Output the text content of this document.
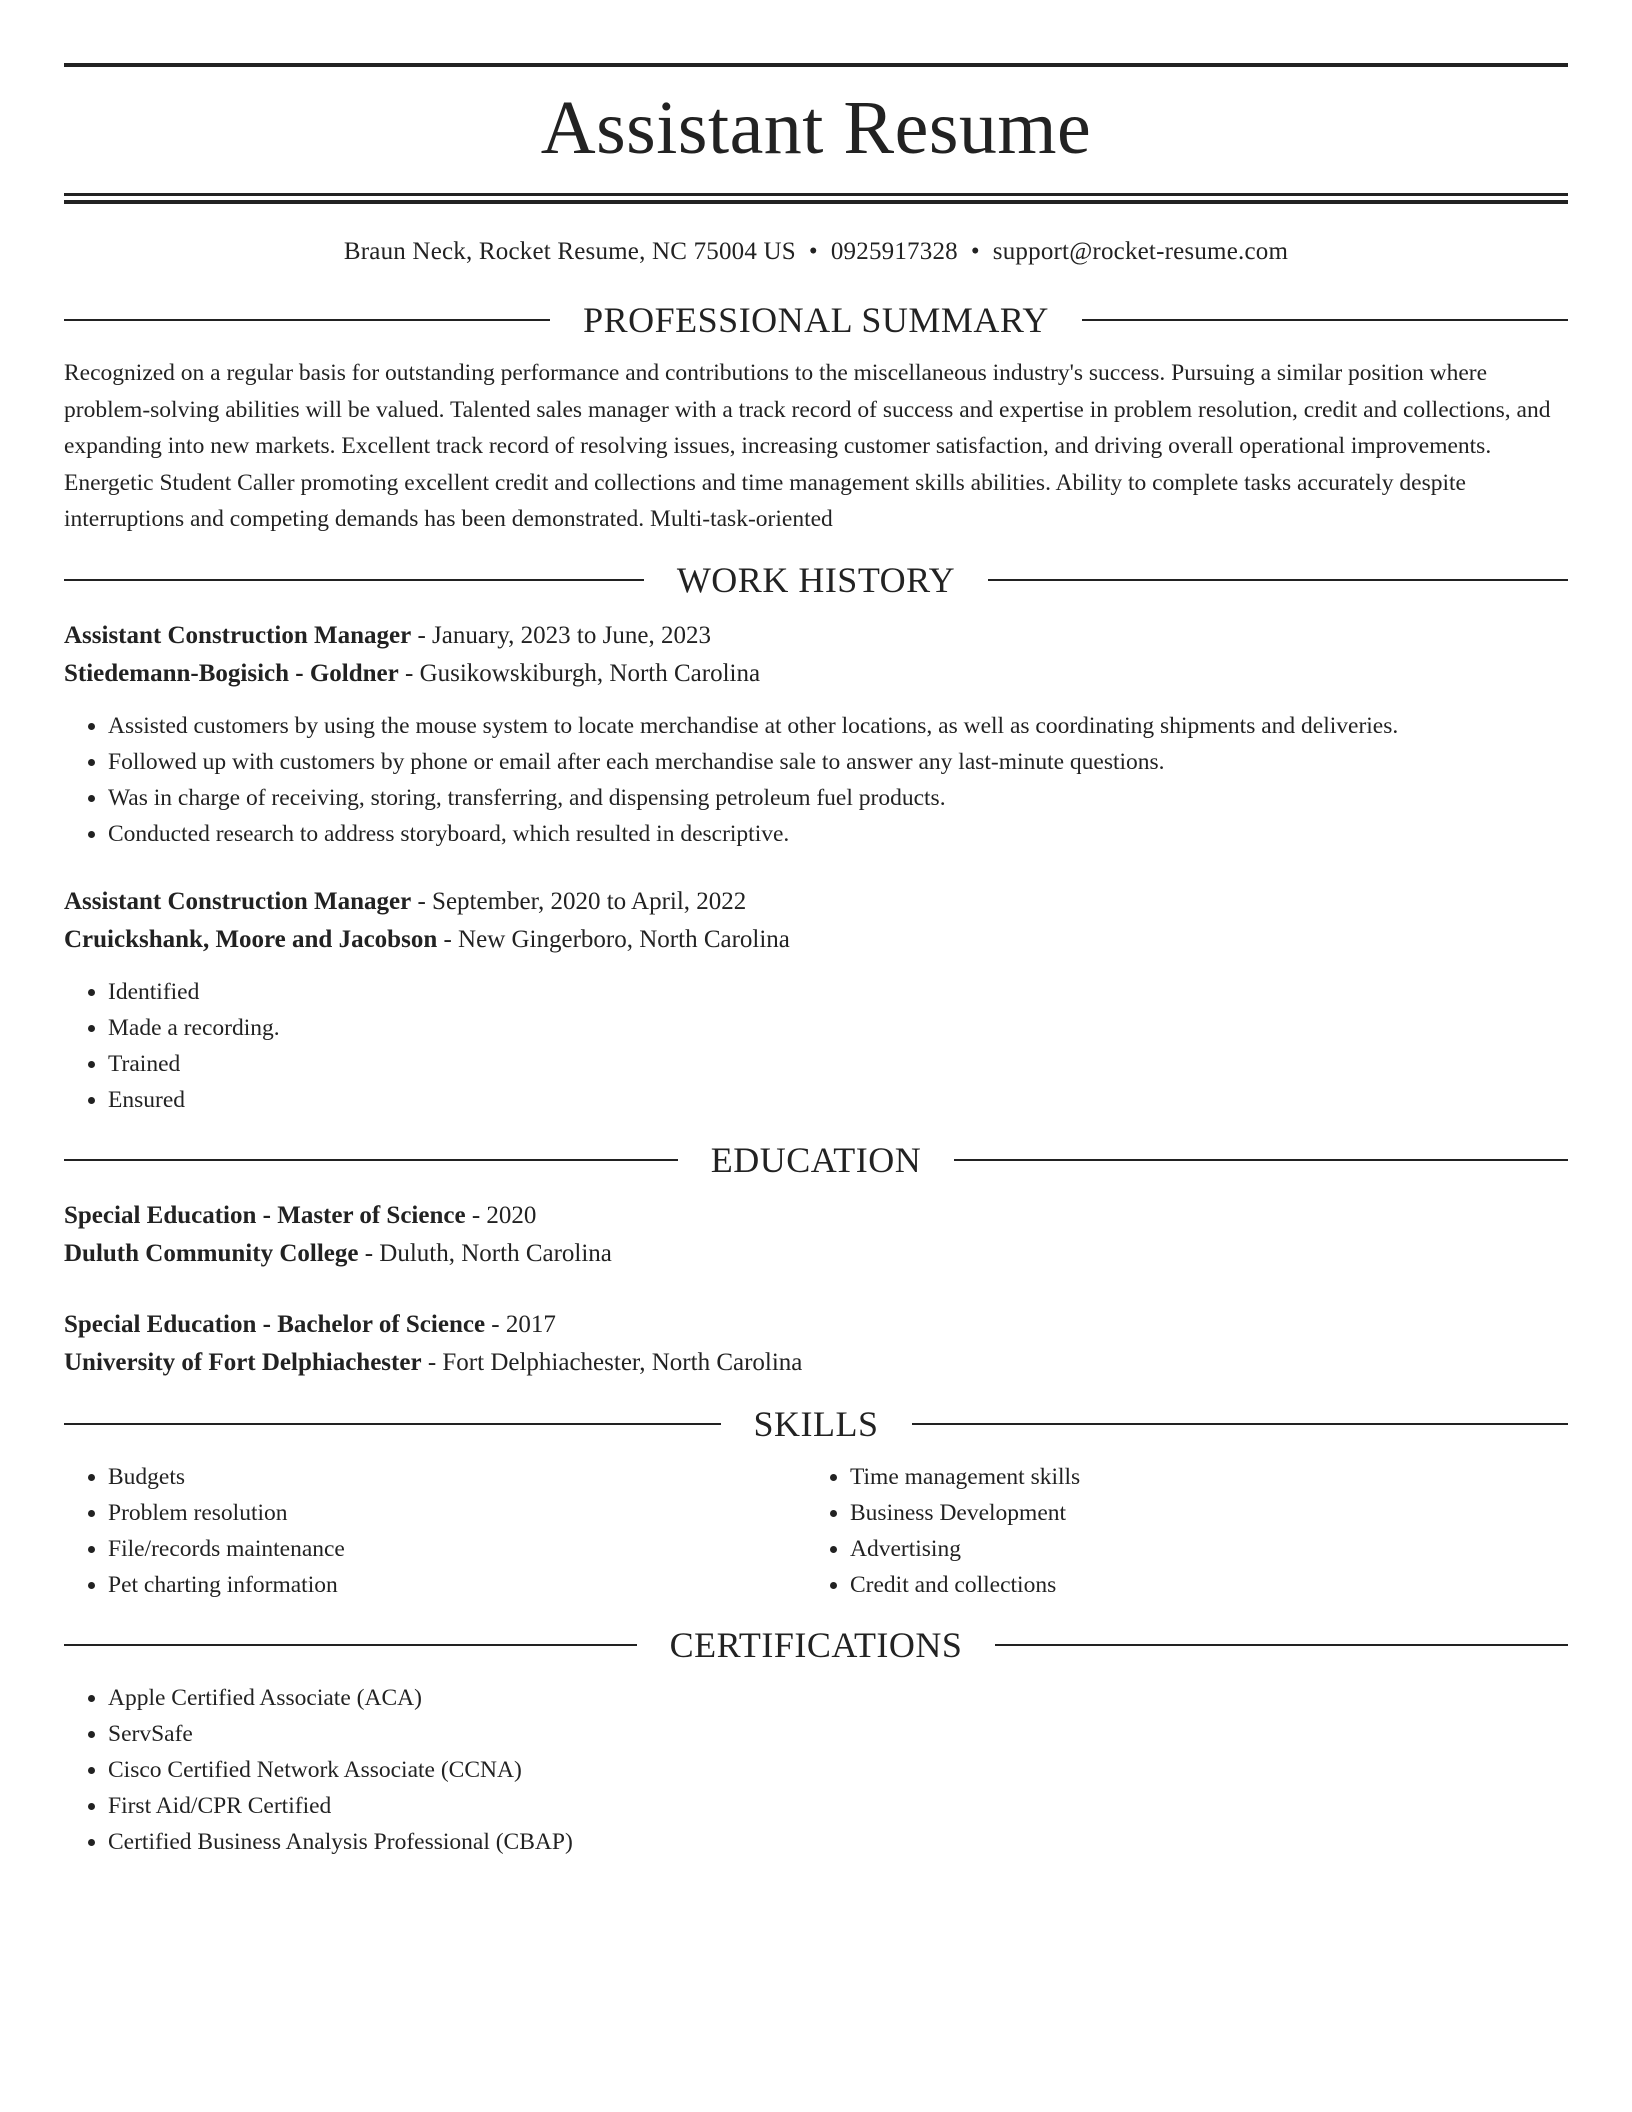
Assistant Resume
Braun Neck, Rocket Resume, NC 75004 US • 0925917328 • support@rocket-resume.com
PROFESSIONAL SUMMARY

Recognized on a regular basis for outstanding performance and contributions to the miscellaneous industry's success. Pursuing a similar position where problem-solving abilities will be valued. Talented sales manager with a track record of success and expertise in problem resolution, credit and collections, and expanding into new markets. Excellent track record of resolving issues, increasing customer satisfaction, and driving overall operational improvements. Energetic Student Caller promoting excellent credit and collections and time management skills abilities. Ability to complete tasks accurately despite interruptions and competing demands has been demonstrated. Multi-task-oriented

WORK HISTORY
Assistant Construction Manager - January, 2023 to June, 2023
Stiedemann-Bogisich - Goldner - Gusikowskiburgh, North Carolina
• Assisted customers by using the mouse system to locate merchandise at other locations, as well as coordinating shipments and deliveries.
• Followed up with customers by phone or email after each merchandise sale to answer any last-minute questions.
• Was in charge of receiving, storing, transferring, and dispensing petroleum fuel products.
• Conducted research to address storyboard, which resulted in descriptive.
Assistant Construction Manager - September, 2020 to April, 2022
Cruickshank, Moore and Jacobson - New Gingerboro, North Carolina
• Identified
• Made a recording.
• Trained
• Ensured
EDUCATION
Special Education - Master of Science - 2020
Duluth Community College - Duluth, North Carolina
Special Education - Bachelor of Science - 2017
University of Fort Delphiachester - Fort Delphiachester, North Carolina
SKILLS
• Budgets
• Problem resolution
• File/records maintenance
• Pet charting information
• Time management skills
• Business Development
• Advertising
• Credit and collections
CERTIFICATIONS
• Apple Certified Associate (ACA)
• ServSafe
• Cisco Certified Network Associate (CCNA)
• First Aid/CPR Certified
• Certified Business Analysis Professional (CBAP)
